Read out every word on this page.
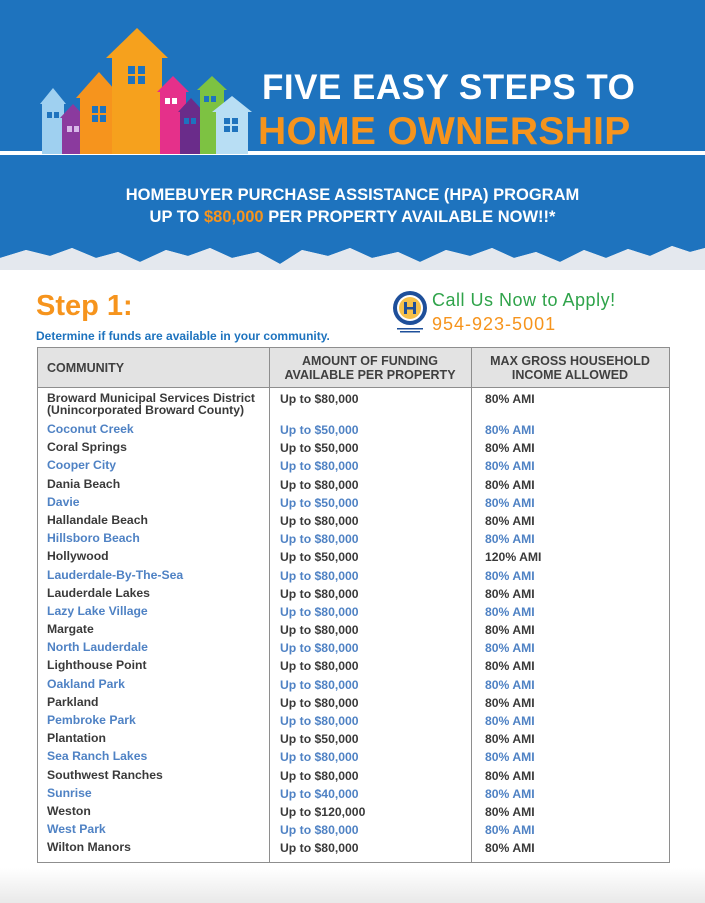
FIVE EASY STEPS TO
HOME OWNERSHIP
HOMEBUYER PURCHASE ASSISTANCE (HPA) PROGRAM
UP TO $80,000 PER PROPERTY AVAILABLE NOW!!*
Step 1:
Determine if funds are available in your community.
Call Us Now to Apply!
954-923-5001
COMMUNITY	AMOUNT OF FUNDING
AVAILABLE PER PROPERTY
MAX GROSS HOUSEHOLD
INCOME ALLOWED
Broward Municipal Services District
(Unincorporated Broward County)
Up to $80,000	80% AMI
Coconut Creek	Up to $50,000	80% AMI
Coral Springs	Up to $50,000	80% AMI
Cooper City	Up to $80,000	80% AMI
Dania Beach	Up to $80,000	80% AMI
Davie	Up to $50,000	80% AMI
Hallandale Beach	Up to $80,000	80% AMI
Hillsboro Beach	Up to $80,000	80% AMI
Hollywood	Up to $50,000	120% AMI
Lauderdale-By-The-Sea	Up to $80,000	80% AMI
Lauderdale Lakes	Up to $80,000	80% AMI
Lazy Lake Village	Up to $80,000	80% AMI
Margate	Up to $80,000	80% AMI
North Lauderdale	Up to $80,000	80% AMI
Lighthouse Point	Up to $80,000	80% AMI
Oakland Park	Up to $80,000	80% AMI
Parkland	Up to $80,000	80% AMI
Pembroke Park	Up to $80,000	80% AMI
Plantation	Up to $50,000	80% AMI
Sea Ranch Lakes	Up to $80,000	80% AMI
Southwest Ranches	Up to $80,000	80% AMI
Sunrise	Up to $40,000	80% AMI
Weston	Up to $120,000	80% AMI
West Park	Up to $80,000	80% AMI
Wilton Manors	Up to $80,000	80% AMI
